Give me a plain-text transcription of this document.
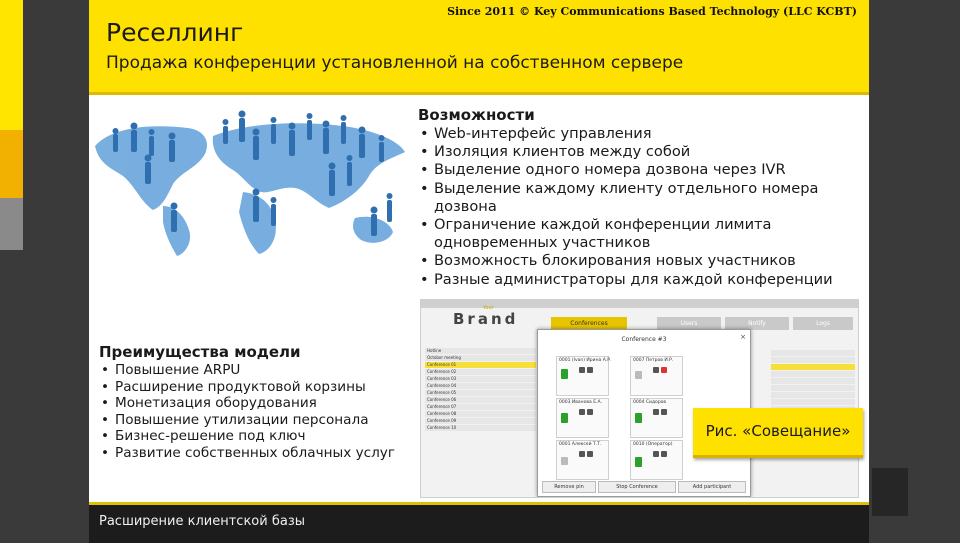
Реселлинг
Продажа конференции установленной на собственном сервере
Since 2011 © Key Communications Based Technology (LLC KCBT)
Возможности
• Web-интерфейс управления
• Изоляция клиентов между собой
• Выделение одного номера дозвона через IVR
• Выделение каждому клиенту отдельного номера дозвона
• Ограничение каждой конференции лимита одновременных участников
• Возможность блокирования новых участников
• Разные администраторы для каждой конференции
Преимущества модели
• Повышение ARPU
• Расширение продуктовой корзины
• Монетизация оборудования
• Повышение утилизации персонала
• Бизнес-решение под ключ
• Развитие собственных облачных услуг
Your
Brand	Conferences	Users	Notify	Logs
Hotline
October meeting
Conference 01
Conference 02
Conference 03
Conference 04
Conference 05
Conference 06
Conference 07
Conference 08
Conference 09
Conference 10
Conference #3	×
0001 (Ivan) Ирина А.Р.	0007 Петров И.Р.
0003 Иванова Е.А.	0004 Сидоров
0001 Алексей Т.Т.	0010 (Оператор)
Remove pin	Stop Conference	Add participant
Рис. «Совещание»
Расширение клиентской базы
